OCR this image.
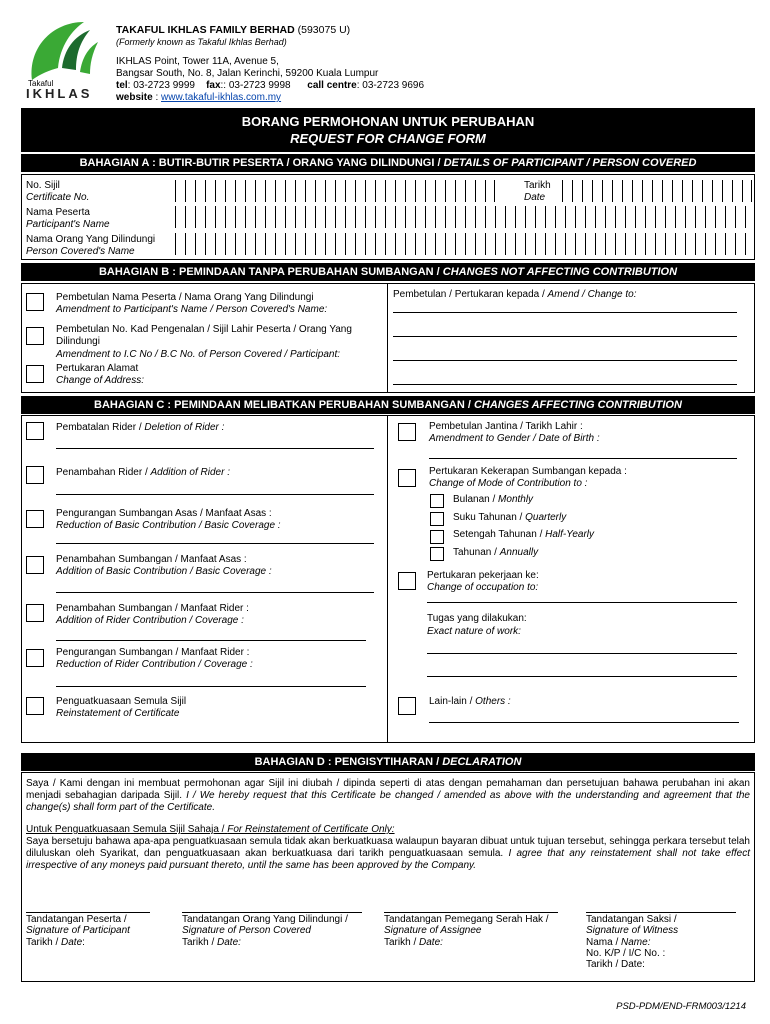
Takaful
IKHLAS
TAKAFUL IKHLAS FAMILY BERHAD (593075 U)
(Formerly known as Takaful Ikhlas Berhad)
IKHLAS Point, Tower 11A, Avenue 5,
Bangsar South, No. 8, Jalan Kerinchi, 59200 Kuala Lumpur
tel: 03-2723 9999 fax:: 03-2723 9998 call centre: 03-2723 9696
website : www.takaful-ikhlas.com.my
BORANG PERMOHONAN UNTUK PERUBAHAN
REQUEST FOR CHANGE FORM
BAHAGIAN A : BUTIR-BUTIR PESERTA / ORANG YANG DILINDUNGI / DETAILS OF PARTICIPANT / PERSON COVERED
No. Sijil
Certificate No.
Tarikh
Date
Nama Peserta
Participant's Name
Nama Orang Yang Dilindungi
Person Covered's Name
BAHAGIAN B : PEMINDAAN TANPA PERUBAHAN SUMBANGAN / CHANGES NOT AFFECTING CONTRIBUTION
Pembetulan Nama Peserta / Nama Orang Yang Dilindungi
Amendment to Participant's Name / Person Covered's Name:
Pembetulan No. Kad Pengenalan / Sijil Lahir Peserta / Orang Yang
Dilindungi
Amendment to I.C No / B.C No. of Person Covered / Participant:
Pertukaran Alamat
Change of Address:
Pembetulan / Pertukaran kepada / Amend / Change to:
BAHAGIAN C : PEMINDAAN MELIBATKAN PERUBAHAN SUMBANGAN / CHANGES AFFECTING CONTRIBUTION
Pembatalan Rider / Deletion of Rider :
Penambahan Rider / Addition of Rider :
Pengurangan Sumbangan Asas / Manfaat Asas :
Reduction of Basic Contribution / Basic Coverage :
Penambahan Sumbangan / Manfaat Asas :
Addition of Basic Contribution / Basic Coverage :
Penambahan Sumbangan / Manfaat Rider :
Addition of Rider Contribution / Coverage :
Pengurangan Sumbangan / Manfaat Rider :
Reduction of Rider Contribution / Coverage :
Penguatkuasaan Semula Sijil
Reinstatement of Certificate
Pembetulan Jantina / Tarikh Lahir :
Amendment to Gender / Date of Birth :
Pertukaran Kekerapan Sumbangan kepada :
Change of Mode of Contribution to :
Bulanan / Monthly
Suku Tahunan / Quarterly
Setengah Tahunan / Half-Yearly
Tahunan / Annually
Pertukaran pekerjaan ke:
Change of occupation to:
Tugas yang dilakukan:
Exact nature of work:
Lain-lain / Others :
BAHAGIAN D : PENGISYTIHARAN / DECLARATION
Saya / Kami dengan ini membuat permohonan agar Sijil ini diubah / dipinda seperti di atas dengan pemahaman dan persetujuan bahawa perubahan ini akan menjadi sebahagian daripada Sijil. I / We hereby request that this Certificate be changed / amended as above with the understanding and agreement that the change(s) shall form part of the Certificate.
Untuk Penguatkuasaan Semula Sijil Sahaja / For Reinstatement of Certificate Only:
Saya bersetuju bahawa apa-apa penguatkuasaan semula tidak akan berkuatkuasa walaupun bayaran dibuat untuk tujuan tersebut, sehingga perkara tersebut telah diluluskan oleh Syarikat, dan penguatkuasaan akan berkuatkuasa dari tarikh penguatkuasaan semula. I agree that any reinstatement shall not take effect irrespective of any moneys paid pursuant thereto, until the same has been approved by the Company.
Tandatangan Peserta /
Signature of Participant
Tarikh / Date:
Tandatangan Orang Yang Dilindungi /
Signature of Person Covered
Tarikh / Date:
Tandatangan Pemegang Serah Hak /
Signature of Assignee
Tarikh / Date:
Tandatangan Saksi /
Signature of Witness
Nama / Name:
No. K/P / I/C No. :
Tarikh / Date:
PSD-PDM/END-FRM003/1214
